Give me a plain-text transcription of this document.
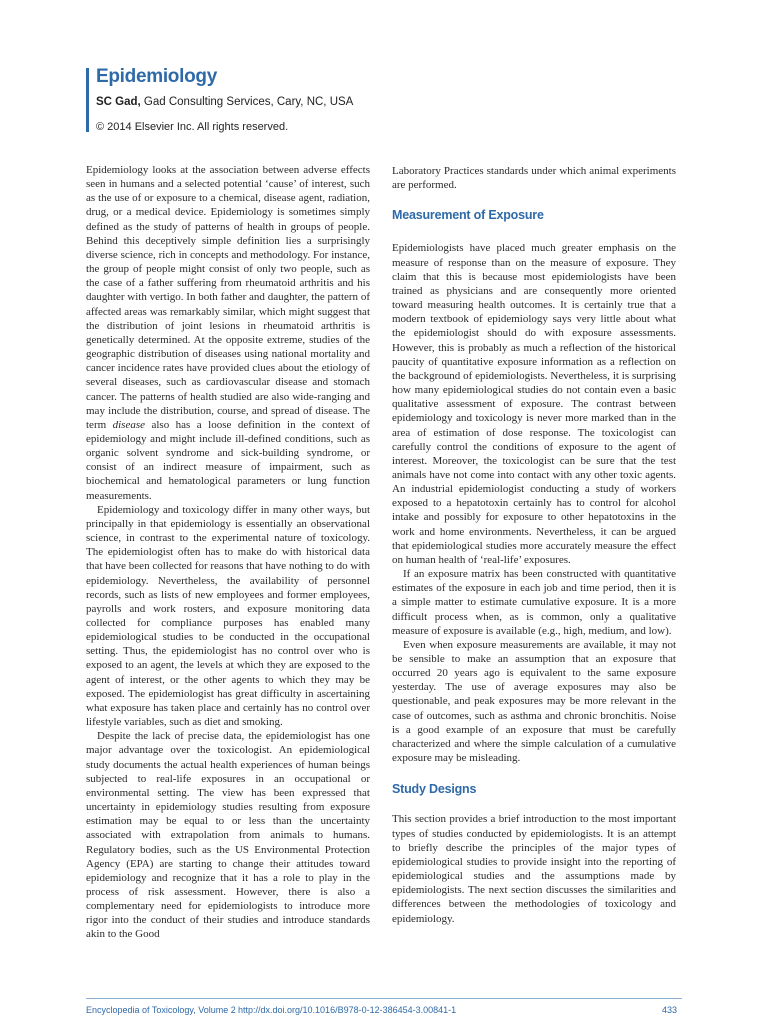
Epidemiology
SC Gad, Gad Consulting Services, Cary, NC, USA
© 2014 Elsevier Inc. All rights reserved.

Epidemiology looks at the association between adverse effects seen in humans and a selected potential ‘cause’ of interest, such as the use of or exposure to a chemical, disease agent, radiation, drug, or a medical device. Epidemiology is sometimes simply defined as the study of patterns of health in groups of people. Behind this deceptively simple definition lies a surprisingly diverse science, rich in concepts and methodology. For instance, the group of people might consist of only two people, such as the case of a father suffering from rheumatoid arthritis and his daughter with vertigo. In both father and daughter, the pattern of affected areas was remarkably similar, which might suggest that the distribution of joint lesions in rheumatoid arthritis is genetically determined. At the opposite extreme, studies of the geographic distribution of diseases using national mortality and cancer incidence rates have provided clues about the etiology of several diseases, such as cardiovascular disease and stomach cancer. The patterns of health studied are also wide-ranging and may include the distribution, course, and spread of disease. The term disease also has a loose definition in the context of epidemiology and might include ill-defined conditions, such as organic solvent syndrome and sick-building syndrome, or consist of an indirect measure of impairment, such as biochemical and hematological parameters or lung function measurements.

Epidemiology and toxicology differ in many other ways, but principally in that epidemiology is essentially an observational science, in contrast to the experimental nature of toxicology. The epidemiologist often has to make do with historical data that have been collected for reasons that have nothing to do with epidemiology. Nevertheless, the availability of personnel records, such as lists of new employees and former employees, payrolls and work rosters, and exposure monitoring data collected for compliance purposes has enabled many epidemiological studies to be conducted in the occupational setting. Thus, the epidemiologist has no control over who is exposed to an agent, the levels at which they are exposed to the agent of interest, or the other agents to which they may be exposed. The epidemiologist has great difficulty in ascertaining what exposure has taken place and certainly has no control over lifestyle variables, such as diet and smoking.

Despite the lack of precise data, the epidemiologist has one major advantage over the toxicologist. An epidemiological study documents the actual health experiences of human beings subjected to real-life exposures in an occupational or environmental setting. The view has been expressed that uncertainty in epidemiology studies resulting from exposure estimation may be equal to or less than the uncertainty associated with extrapolation from animals to humans. Regulatory bodies, such as the US Environmental Protection Agency (EPA) are starting to change their attitudes toward epidemiology and recognize that it has a role to play in the process of risk assessment. However, there is also a complementary need for epidemiologists to introduce more rigor into the conduct of their studies and introduce standards akin to the Good

Laboratory Practices standards under which animal experiments are performed.

Measurement of Exposure

Epidemiologists have placed much greater emphasis on the measure of response than on the measure of exposure. They claim that this is because most epidemiologists have been trained as physicians and are consequently more oriented toward measuring health outcomes. It is certainly true that a modern textbook of epidemiology says very little about what the epidemiologist should do with exposure assessments. However, this is probably as much a reflection of the historical paucity of quantitative exposure information as a reflection on the background of epidemiologists. Nevertheless, it is surprising how many epidemiological studies do not contain even a basic qualitative assessment of exposure. The contrast between epidemiology and toxicology is never more marked than in the area of estimation of dose response. The toxicologist can carefully control the conditions of exposure to the agent of interest. Moreover, the toxicologist can be sure that the test animals have not come into contact with any other toxic agents. An industrial epidemiologist conducting a study of workers exposed to a hepatotoxin certainly has to control for alcohol intake and possibly for exposure to other hepatotoxins in the work and home environments. Nevertheless, it can be argued that epidemiological studies more accurately measure the effect on human health of ‘real-life’ exposures.

If an exposure matrix has been constructed with quantitative estimates of the exposure in each job and time period, then it is a simple matter to estimate cumulative exposure. It is a more difficult process when, as is common, only a qualitative measure of exposure is available (e.g., high, medium, and low).

Even when exposure measurements are available, it may not be sensible to make an assumption that an exposure that occurred 20 years ago is equivalent to the same exposure yesterday. The use of average exposures may also be questionable, and peak exposures may be more relevant in the case of outcomes, such as asthma and chronic bronchitis. Noise is a good example of an exposure that must be carefully characterized and where the simple calculation of a cumulative exposure may be misleading.

Study Designs

This section provides a brief introduction to the most important types of studies conducted by epidemiologists. It is an attempt to briefly describe the principles of the major types of epidemiological studies to provide insight into the reporting of epidemiological studies and the assumptions made by epidemiologists. The next section discusses the similarities and differences between the methodologies of toxicology and epidemiology.

Encyclopedia of Toxicology, Volume 2 http://dx.doi.org/10.1016/B978-0-12-386454-3.00841-1	433
